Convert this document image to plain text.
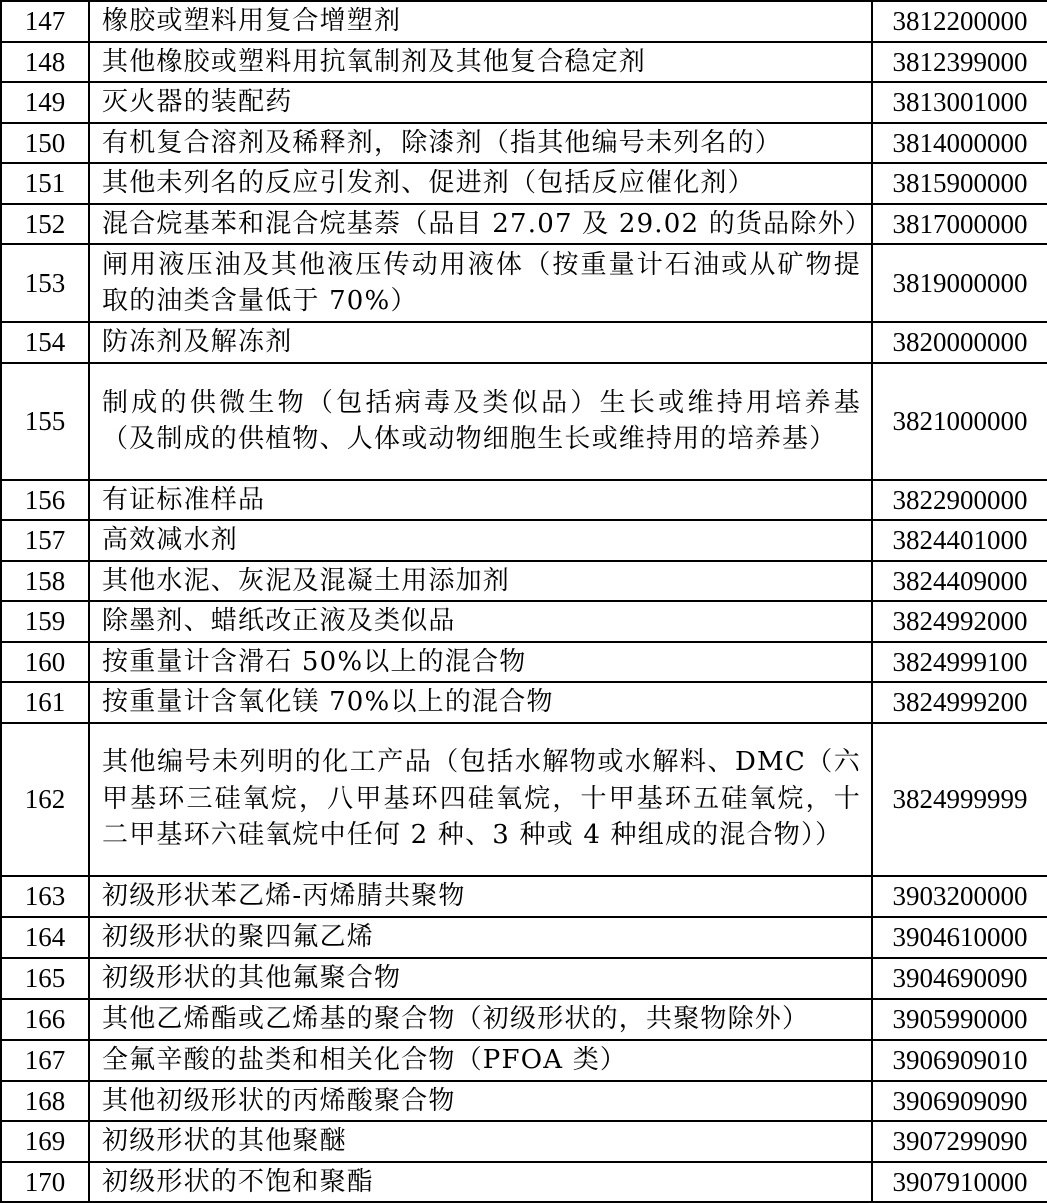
147	橡胶或塑料用复合增塑剂	3812200000
148	其他橡胶或塑料用抗氧制剂及其他复合稳定剂	3812399000
149	灭火器的装配药	3813001000
150	有机复合溶剂及稀释剂，除漆剂（指其他编号未列名的）	3814000000
151	其他未列名的反应引发剂、促进剂（包括反应催化剂）	3815900000
152	混合烷基苯和混合烷基萘（品目 27.07 及 29.02 的货品除外）	3817000000
153	闸用液压油及其他液压传动用液体（按重量计石油或从矿物提取的油类含量低于 70%）	3819000000
154	防冻剂及解冻剂	3820000000
155	制成的供微生物（包括病毒及类似品）生长或维持用培养基（及制成的供植物、人体或动物细胞生长或维持用的培养基）	3821000000
156	有证标准样品	3822900000
157	高效减水剂	3824401000
158	其他水泥、灰泥及混凝土用添加剂	3824409000
159	除墨剂、蜡纸改正液及类似品	3824992000
160	按重量计含滑石 50%以上的混合物	3824999100
161	按重量计含氧化镁 70%以上的混合物	3824999200
162	其他编号未列明的化工产品（包括水解物或水解料、DMC（六甲基环三硅氧烷，八甲基环四硅氧烷，十甲基环五硅氧烷，十二甲基环六硅氧烷中任何 2 种、3 种或 4 种组成的混合物））	3824999999
163	初级形状苯乙烯-丙烯腈共聚物	3903200000
164	初级形状的聚四氟乙烯	3904610000
165	初级形状的其他氟聚合物	3904690090
166	其他乙烯酯或乙烯基的聚合物（初级形状的，共聚物除外）	3905990000
167	全氟辛酸的盐类和相关化合物（PFOA 类）	3906909010
168	其他初级形状的丙烯酸聚合物	3906909090
169	初级形状的其他聚醚	3907299090
170	初级形状的不饱和聚酯	3907910000
